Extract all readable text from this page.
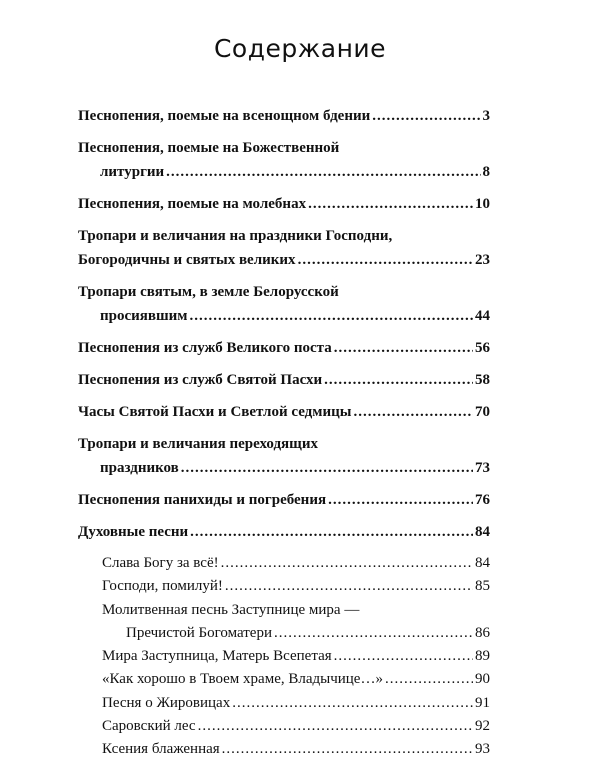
Содержание
Песнопения, поемые на всенощном бдении .....	3
Песнопения, поемые на Божественной
литургии .....	8
Песнопения, поемые на молебнах .....	10
Тропари и величания на праздники Господни,
Богородичны и святых великих .....	23
Тропари святым, в земле Белорусской
просиявшим .....	44
Песнопения из служб Великого поста .....	56
Песнопения из служб Святой Пасхи .....	58
Часы Святой Пасхи и Светлой седмицы .....	70
Тропари и величания переходящих
праздников .....	73
Песнопения панихиды и погребения .....	76
Духовные песни .....	84
Слава Богу за всё! .....	84
Господи, помилуй! .....	85
Молитвенная песнь Заступнице мира —
Пречистой Богоматери .....	86
Мира Заступница, Матерь Всепетая .....	89
«Как хорошо в Твоем храме, Владычице…» .....	90
Песня о Жировицах .....	91
Саровский лес .....	92
Ксения блаженная .....	93
